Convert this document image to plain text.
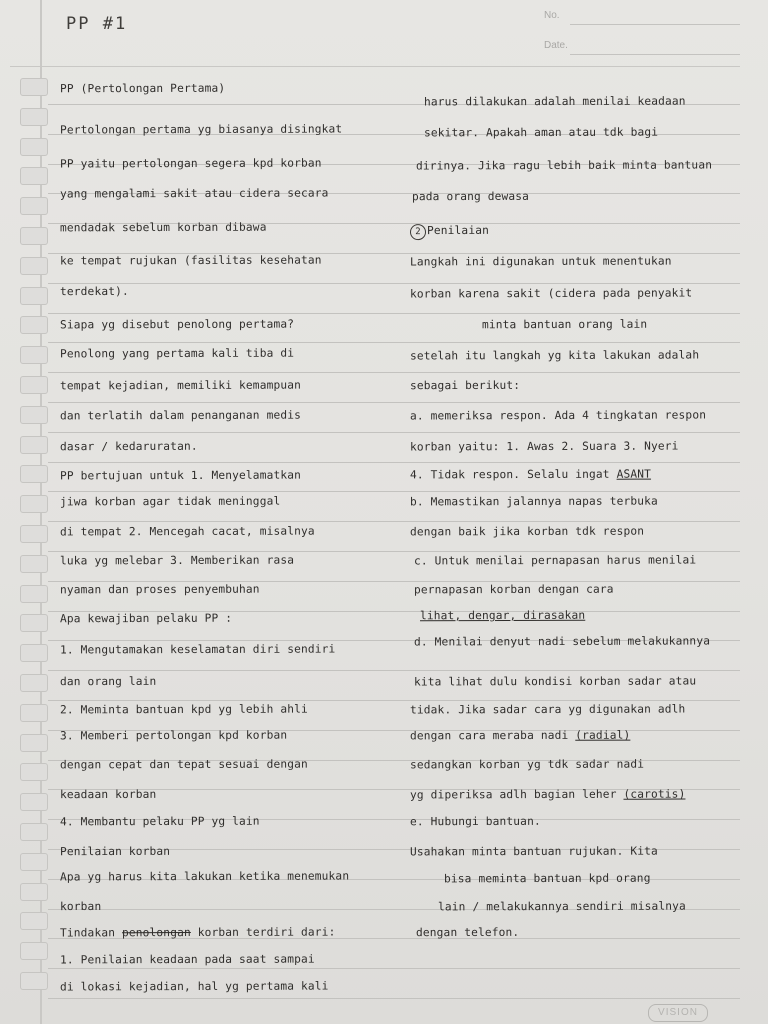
PP #1	No.
Date.
PP (Pertolongan Pertama)
Pertolongan pertama yg biasanya disingkat
PP yaitu pertolongan segera kpd korban
yang mengalami sakit atau cidera secara
mendadak sebelum korban dibawa
ke tempat rujukan (fasilitas kesehatan
terdekat).
Siapa yg disebut penolong pertama?
Penolong yang pertama kali tiba di
tempat kejadian, memiliki kemampuan
dan terlatih dalam penanganan medis
dasar / kedaruratan.
PP bertujuan untuk 1. Menyelamatkan
jiwa korban agar tidak meninggal
di tempat 2. Mencegah cacat, misalnya
luka yg melebar 3. Memberikan rasa
nyaman dan proses penyembuhan
Apa kewajiban pelaku PP :
1. Mengutamakan keselamatan diri sendiri
dan orang lain
2. Meminta bantuan kpd yg lebih ahli
3. Memberi pertolongan kpd korban
dengan cepat dan tepat sesuai dengan
keadaan korban
4. Membantu pelaku PP yg lain
Penilaian korban
Apa yg harus kita lakukan ketika menemukan
korban
Tindakan penolongan korban terdiri dari:
1. Penilaian keadaan pada saat sampai
di lokasi kejadian, hal yg pertama kali
harus dilakukan adalah menilai keadaan
sekitar. Apakah aman atau tdk bagi
dirinya. Jika ragu lebih baik minta bantuan
pada orang dewasa
2 Penilaian
Langkah ini digunakan untuk menentukan
korban karena sakit (cidera pada penyakit
minta bantuan orang lain
setelah itu langkah yg kita lakukan adalah
sebagai berikut:
a. memeriksa respon. Ada 4 tingkatan respon
korban yaitu: 1. Awas 2. Suara 3. Nyeri
4. Tidak respon. Selalu ingat ASANT
b. Memastikan jalannya napas terbuka
dengan baik jika korban tdk respon
c. Untuk menilai pernapasan harus menilai
pernapasan korban dengan cara
lihat, dengar, dirasakan
d. Menilai denyut nadi sebelum melakukannya
kita lihat dulu kondisi korban sadar atau
tidak. Jika sadar cara yg digunakan adlh
dengan cara meraba nadi (radial)
sedangkan korban yg tdk sadar nadi
yg diperiksa adlh bagian leher (carotis)
e. Hubungi bantuan.
Usahakan minta bantuan rujukan. Kita
bisa meminta bantuan kpd orang
lain / melakukannya sendiri misalnya
dengan telefon.
VISION
